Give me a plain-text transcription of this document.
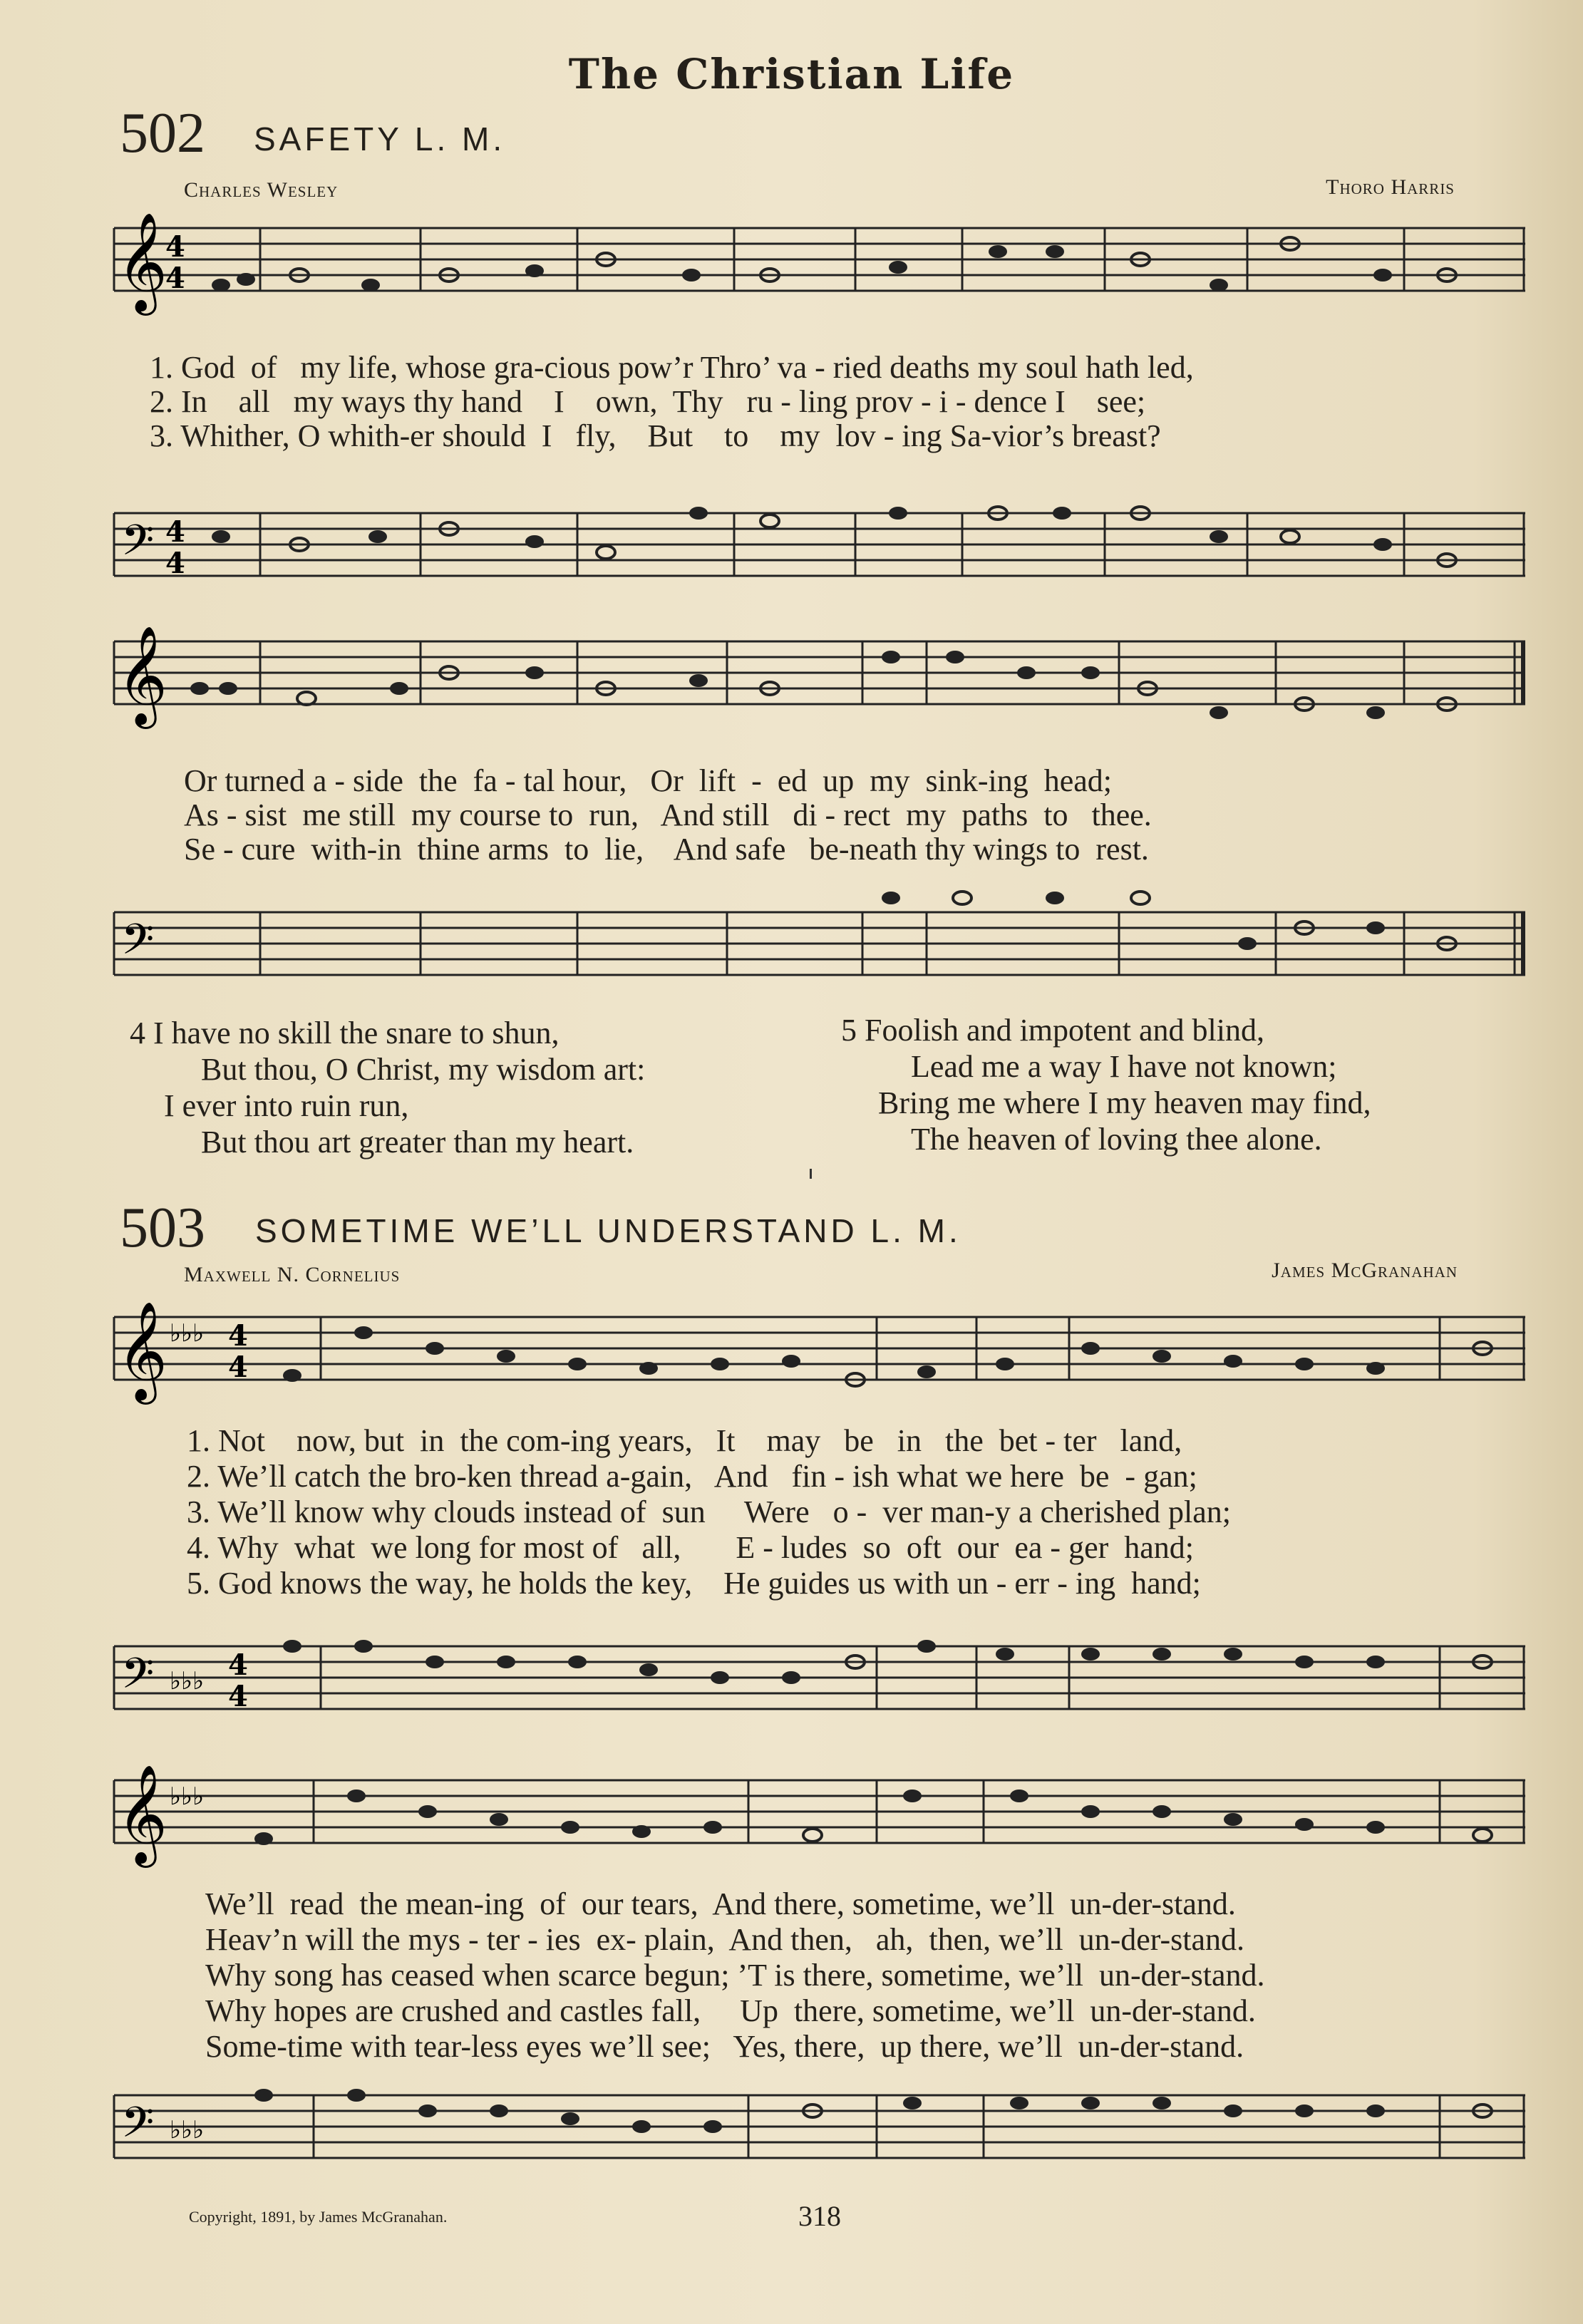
The Christian Life
502 SAFETY L. M.
Charles Wesley	Thoro Harris
𝄞
4
4
1. God  of   my life, whose gra-cious pow’r Thro’ va - ried deaths my soul hath led,
2. In    all   my ways thy hand    I    own,  Thy   ru - ling prov - i - dence I    see;
3. Whither, O whith-er should  I   fly,    But    to    my  lov - ing Sa-vior’s breast?
𝄢 4
4
𝄞
Or turned a - side  the  fa - tal hour,   Or  lift  -  ed  up  my  sink-ing  head;
As - sist  me still  my course to  run,   And still   di - rect  my  paths  to   thee.
Se - cure  with-in  thine arms  to  lie,    And safe   be-neath thy wings to  rest.
𝄢
4 I have no skill the snare to shun,
But thou, O Christ, my wisdom art:
I ever into ruin run,
But thou art greater than my heart.
5 Foolish and impotent and blind,
Lead me a way I have not known;
Bring me where I my heaven may find,
The heaven of loving thee alone.
503 SOMETIME WE’LL UNDERSTAND L. M.
Maxwell N. Cornelius	James McGranahan
𝄞 ♭♭♭ 4
4
1. Not    now, but  in  the com-ing years,   It    may   be   in   the  bet - ter   land,
2. We’ll catch the bro-ken thread a-gain,   And   fin - ish what we here  be  - gan;
3. We’ll know why clouds instead of  sun     Were   o -  ver man-y a cherished plan;
4. Why  what  we long for most of   all,       E - ludes  so  oft  our  ea - ger  hand;
5. God knows the way, he holds the key,    He guides us with un - err - ing  hand;
𝄢 ♭♭♭ 4
4
𝄞 ♭♭♭
We’ll  read  the mean-ing  of  our tears,  And there, sometime, we’ll  un-der-stand.
Heav’n will the mys - ter - ies  ex- plain,  And then,   ah,  then, we’ll  un-der-stand.
Why song has ceased when scarce begun; ’T is there, sometime, we’ll  un-der-stand.
Why hopes are crushed and castles fall,     Up  there, sometime, we’ll  un-der-stand.
Some-time with tear-less eyes we’ll see;   Yes, there,  up there, we’ll  un-der-stand.
𝄢 ♭♭♭
Copyright, 1891, by James McGranahan.	318
